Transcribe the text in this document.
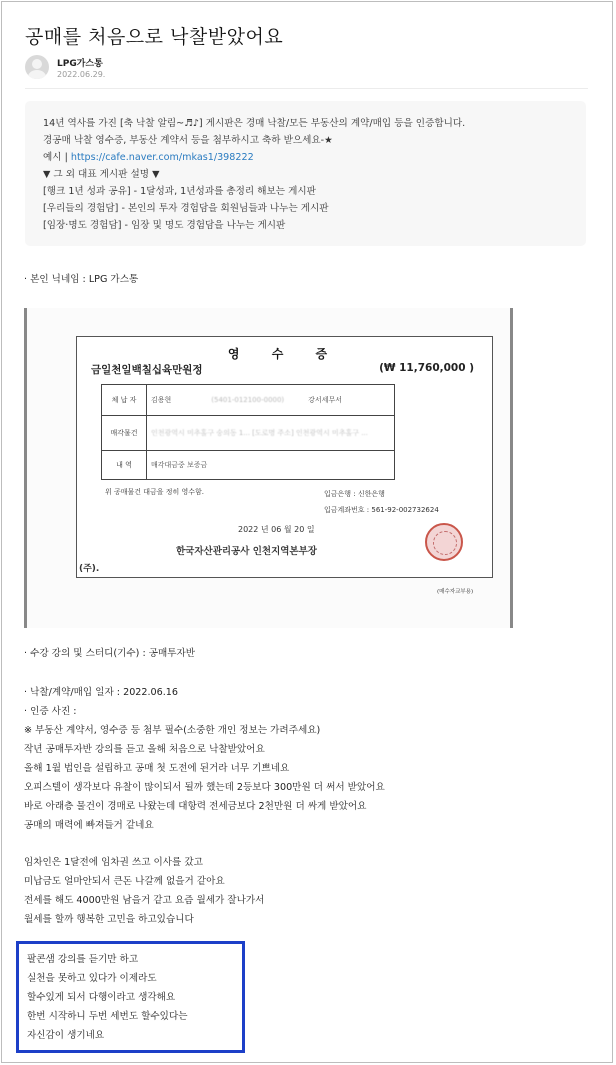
공매를 처음으로 낙찰받았어요
LPG가스통
2022.06.29.
14년 역사를 가진 [축 낙찰 알림~♬♪] 게시판은 경매 낙찰/모든 부동산의 계약/매입 등을 인증합니다.
경공매 낙찰 영수증, 부동산 계약서 등을 첨부하시고 축하 받으세요-★
예시 | https://cafe.naver.com/mkas1/398222
▼ 그 외 대표 게시판 설명 ▼
[행크 1년 성과 공유] - 1달성과, 1년성과를 총정리 해보는 게시판
[우리들의 경험담] - 본인의 투자 경험담을 회원님들과 나누는 게시판
[임장·명도 경험담] - 임장 및 명도 경험담을 나누는 게시판
· 본인 닉네임 : LPG 가스통
영 수 증
금일천일백칠십육만원정	(₩ 11,760,000 )
체 납 자	김용현	(5401-012100-0000)	강서세무서
매각물건	인천광역시 미추홀구 숭의동 1... [도로명 주소] 인천광역시 미추홀구 ...
내 역	매각대금중 보증금
위 공매물건 대금을 정히 영수함.	입금은행 : 신한은행
입금계좌번호 : 561-92-002732624
2022 년 06 월 20 일
한국자산관리공사 인천지역본부장
(주).
(매수자교부용)
· 수강 강의 및 스터디(기수) : 공매투자반
· 낙찰/계약/매입 일자 : 2022.06.16
· 인증 사진 :
※ 부동산 계약서, 영수증 등 첨부 필수(소중한 개인 정보는 가려주세요)
작년 공매투자반 강의를 듣고 올해 처음으로 낙찰받았어요
올해 1월 법인을 설립하고 공매 첫 도전에 된거라 너무 기쁘네요
오피스텔이 생각보다 유찰이 많이되서 될까 했는데 2등보다 300만원 더 써서 받았어요
바로 아래층 물건이 경매로 나왔는데 대항력 전세금보다 2천만원 더 싸게 받았어요
공매의 매력에 빠져들거 같네요
임차인은 1달전에 임차권 쓰고 이사를 갔고
미납금도 얼마안되서 큰돈 나갈께 없을거 같아요
전세를 해도 4000만원 남을거 같고 요즘 월세가 잘나가서
월세를 할까 행복한 고민을 하고있습니다
팔콘샘 강의를 듣기만 하고
실천을 못하고 있다가 이제라도
할수있게 되서 다행이라고 생각해요
한번 시작하니 두번 세번도 할수있다는
자신감이 생기네요
